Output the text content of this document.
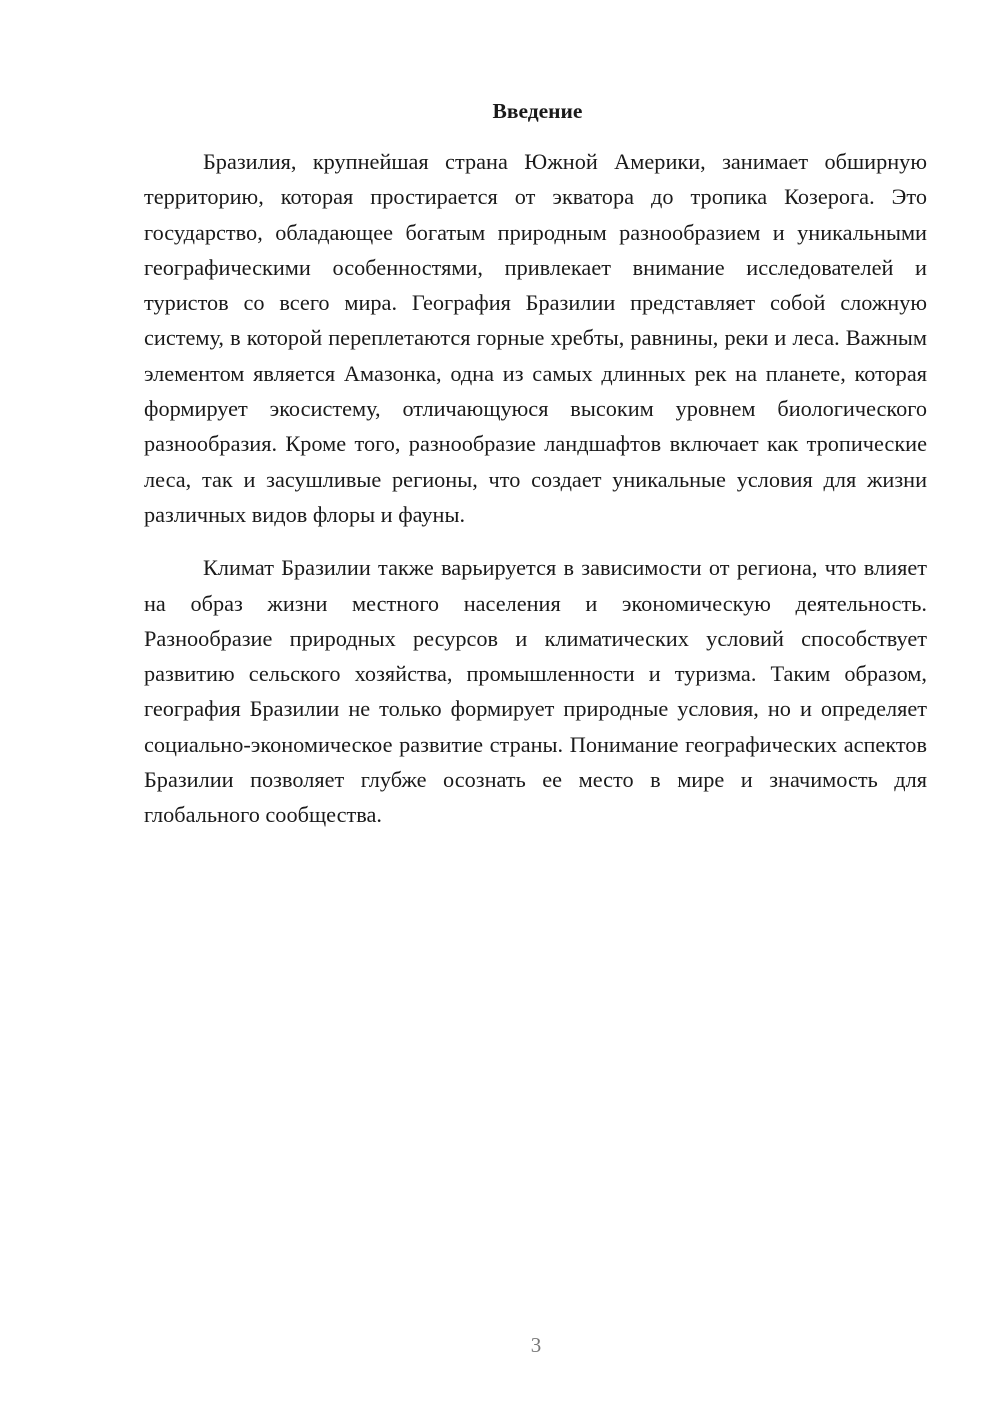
Введение

Бразилия, крупнейшая страна Южной Америки, занимает обширную территорию, которая простирается от экватора до тропика Козерога. Это государство, обладающее богатым природным разнообразием и уникальными географическими особенностями, привлекает внимание исследователей и туристов со всего мира. География Бразилии представляет собой сложную систему, в которой переплетаются горные хребты, равнины, реки и леса. Важным элементом является Амазонка, одна из самых длинных рек на планете, которая формирует экосистему, отличающуюся высоким уровнем биологического разнообразия. Кроме того, разнообразие ландшафтов включает как тропические леса, так и засушливые регионы, что создает уникальные условия для жизни различных видов флоры и фауны.

Климат Бразилии также варьируется в зависимости от региона, что влияет на образ жизни местного населения и экономическую деятельность. Разнообразие природных ресурсов и климатических условий способствует развитию сельского хозяйства, промышленности и туризма. Таким образом, география Бразилии не только формирует природные условия, но и определяет социально-экономическое развитие страны. Понимание географических аспектов Бразилии позволяет глубже осознать ее место в мире и значимость для глобального сообщества.

3
